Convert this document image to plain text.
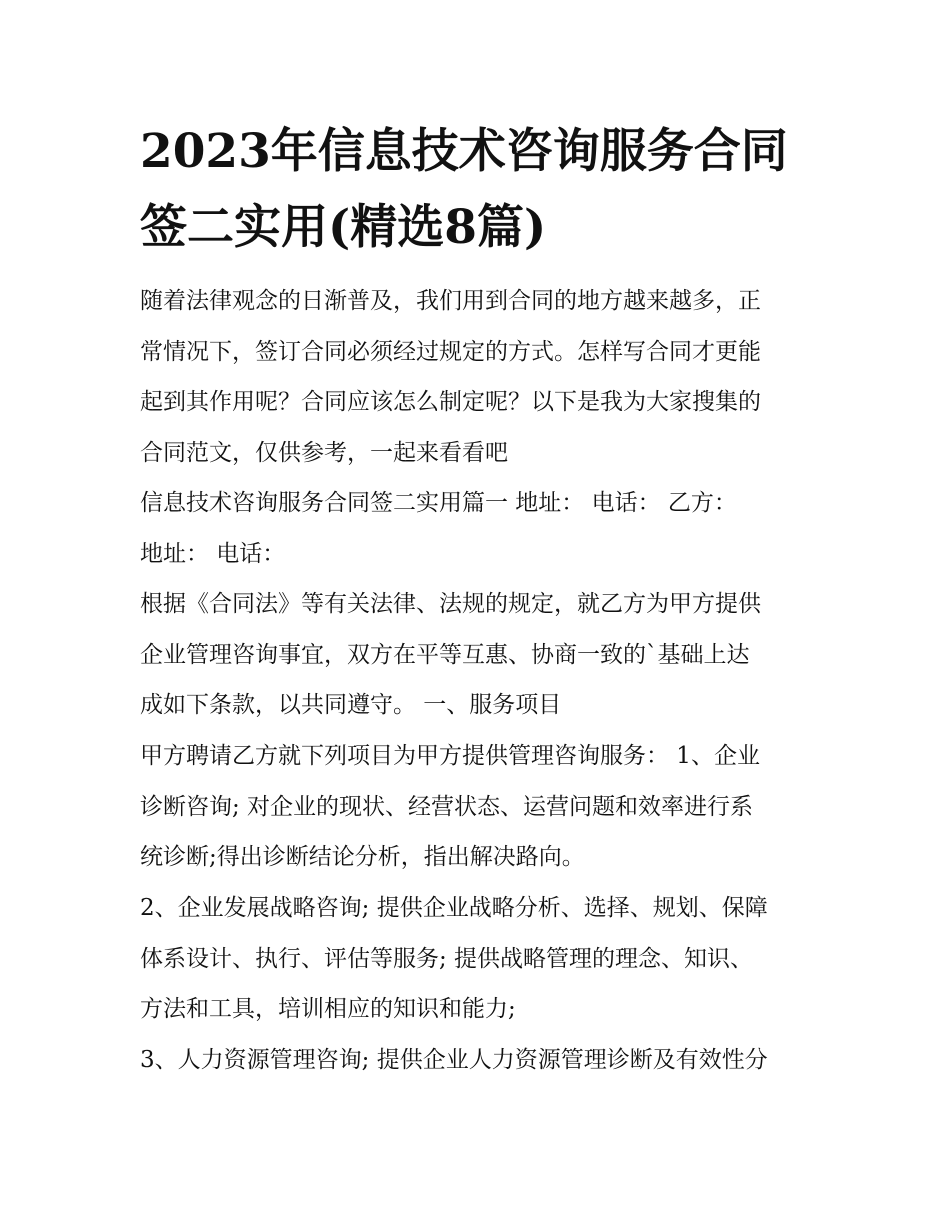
2023年信息技术咨询服务合同
签二实用(精选8篇)

随着法律观念的日渐普及，我们用到合同的地方越来越多，正
常情况下，签订合同必须经过规定的方式。怎样写合同才更能
起到其作用呢？合同应该怎么制定呢？以下是我为大家搜集的
合同范文，仅供参考，一起来看看吧

信息技术咨询服务合同签二实用篇一 地址： 电话： 乙方：
地址： 电话：

根据《合同法》等有关法律、法规的规定，就乙方为甲方提供
企业管理咨询事宜，双方在平等互惠、协商一致的`基础上达
成如下条款，以共同遵守。 一、服务项目

甲方聘请乙方就下列项目为甲方提供管理咨询服务： 1、企业
诊断咨询; 对企业的现状、经营状态、运营问题和效率进行系
统诊断;得出诊断结论分析，指出解决路向。

2、企业发展战略咨询; 提供企业战略分析、选择、规划、保障
体系设计、执行、评估等服务; 提供战略管理的理念、知识、
方法和工具，培训相应的知识和能力;

3、人力资源管理咨询; 提供企业人力资源管理诊断及有效性分
